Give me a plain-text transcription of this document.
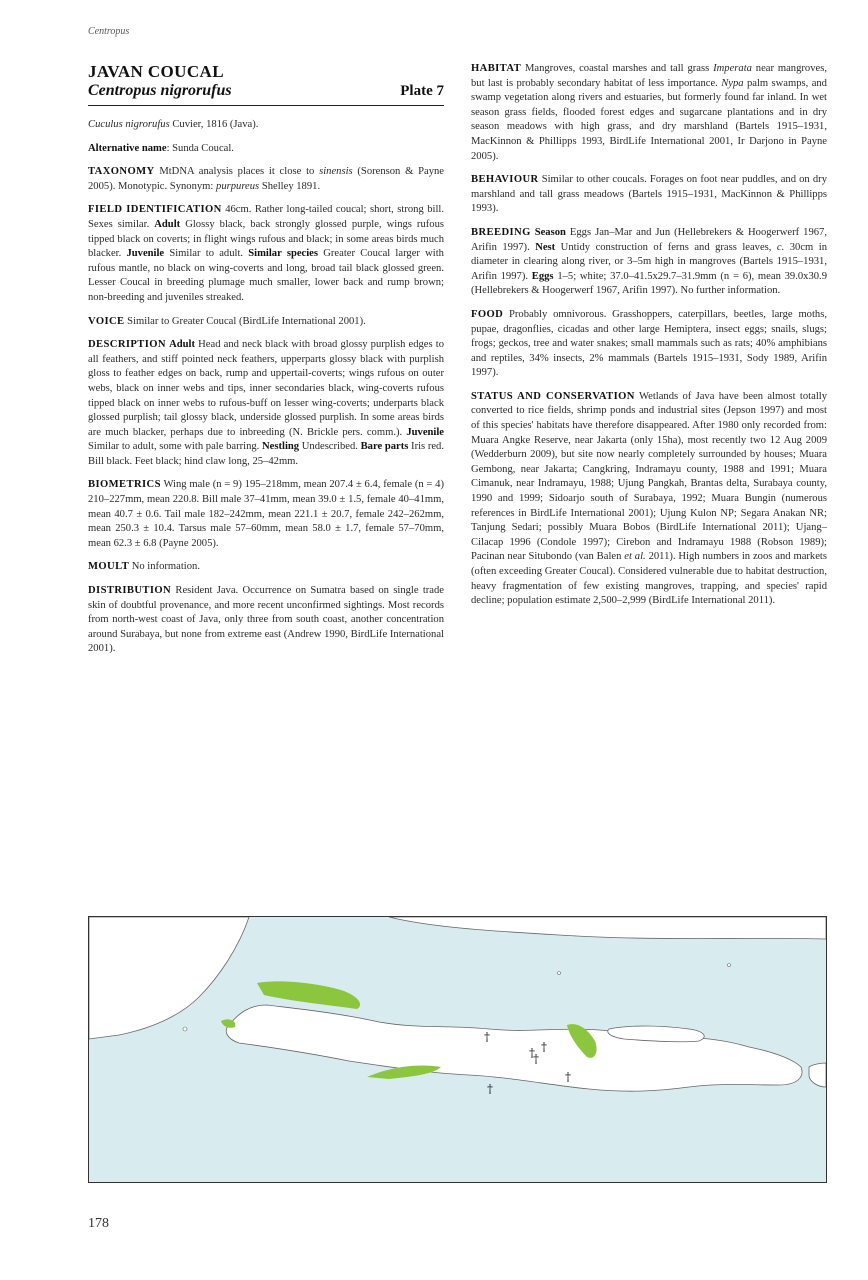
Centropus
JAVAN COUCAL
Centropus nigrorufus	Plate 7

Cuculus nigrorufus Cuvier, 1816 (Java).

Alternative name: Sunda Coucal.

TAXONOMY MtDNA analysis places it close to sinensis (Sorenson & Payne 2005). Monotypic. Synonym: purpureus Shelley 1891.

FIELD IDENTIFICATION 46cm. Rather long-tailed coucal; short, strong bill. Sexes similar. Adult Glossy black, back strongly glossed purple, wings rufous tipped black on coverts; in flight wings rufous and black; in some areas birds much blacker. Juvenile Similar to adult. Similar species Greater Coucal larger with rufous mantle, no black on wing-coverts and long, broad tail black glossed green. Lesser Coucal in breeding plumage much smaller, lower back and rump brown; non-breeding and juveniles streaked.

VOICE Similar to Greater Coucal (BirdLife International 2001).

DESCRIPTION Adult Head and neck black with broad glossy purplish edges to all feathers, and stiff pointed neck feathers, upperparts glossy black with purplish gloss to feather edges on back, rump and uppertail-coverts; wings rufous on outer webs, black on inner webs and tips, inner secondaries black, wing-coverts rufous tipped black on inner webs to rufous-buff on lesser wing-coverts; underparts black glossed purplish; tail glossy black, underside glossed purplish. In some areas birds are much blacker, perhaps due to inbreeding (N. Brickle pers. comm.). Juvenile Similar to adult, some with pale barring. Nestling Undescribed. Bare parts Iris red. Bill black. Feet black; hind claw long, 25–42mm.

BIOMETRICS Wing male (n = 9) 195–218mm, mean 207.4 ± 6.4, female (n = 4) 210–227mm, mean 220.8. Bill male 37–41mm, mean 39.0 ± 1.5, female 40–41mm, mean 40.7 ± 0.6. Tail male 182–242mm, mean 221.1 ± 20.7, female 242–262mm, mean 250.3 ± 10.4. Tarsus male 57–60mm, mean 58.0 ± 1.7, female 57–70mm, mean 62.3 ± 6.8 (Payne 2005).

MOULT No information.

DISTRIBUTION Resident Java. Occurrence on Sumatra based on single trade skin of doubtful provenance, and more recent unconfirmed sightings. Most records from north-west coast of Java, only three from south coast, another concentration around Surabaya, but none from extreme east (Andrew 1990, BirdLife International 2001).

HABITAT Mangroves, coastal marshes and tall grass Imperata near mangroves, but last is probably secondary habitat of less importance. Nypa palm swamps, and swamp vegetation along rivers and estuaries, but formerly found far inland. In wet season grass fields, flooded forest edges and sugarcane plantations and in dry season meadows with high grass, and dry marshland (Bartels 1915–1931, MacKinnon & Phillipps 1993, BirdLife International 2001, Ir Darjono in Payne 2005).

BEHAVIOUR Similar to other coucals. Forages on foot near puddles, and on dry marshland and tall grass meadows (Bartels 1915–1931, MacKinnon & Phillipps 1993).

BREEDING Season Eggs Jan–Mar and Jun (Hellebrekers & Hoogerwerf 1967, Arifin 1997). Nest Untidy construction of ferns and grass leaves, c. 30cm in diameter in clearing along river, or 3–5m high in mangroves (Bartels 1915–1931, Arifin 1997). Eggs 1–5; white; 37.0–41.5x29.7–31.9mm (n = 6), mean 39.0x30.9 (Hellebrekers & Hoogerwerf 1967, Arifin 1997). No further information.

FOOD Probably omnivorous. Grasshoppers, caterpillars, beetles, large moths, pupae, dragonflies, cicadas and other large Hemiptera, insect eggs; snails, slugs; frogs; geckos, tree and water snakes; small mammals such as rats; 40% amphibians and reptiles, 34% insects, 2% mammals (Bartels 1915–1931, Sody 1989, Arifin 1997).

STATUS AND CONSERVATION Wetlands of Java have been almost totally converted to rice fields, shrimp ponds and industrial sites (Jepson 1997) and most of this species' habitats have therefore disappeared. After 1980 only recorded from: Muara Angke Reserve, near Jakarta (only 15ha), most recently two 12 Aug 2009 (Wedderburn 2009), but site now nearly completely surrounded by houses; Muara Gembong, near Jakarta; Cangkring, Indramayu county, 1988 and 1991; Muara Cimanuk, near Indramayu, 1988; Ujung Pangkah, Brantas delta, Surabaya county, 1990 and 1999; Sidoarjo south of Surabaya, 1992; Muara Bungin (numerous references in BirdLife International 2001); Ujung Kulon NP; Segara Anakan NR; Tanjung Sedari; possibly Muara Bobos (BirdLife International 2011); Ujang–Cilacap 1996 (Condole 1997); Cirebon and Indramayu 1988 (Robson 1989); Pacinan near Situbondo (van Balen et al. 2011). High numbers in zoos and markets (often exceeding Greater Coucal). Considered vulnerable due to habitat destruction, heavy fragmentation of few existing mangroves, trapping, and species' rapid decline; population estimate 2,500–2,999 (BirdLife International 2011).

†
† †
†
†
†
178
